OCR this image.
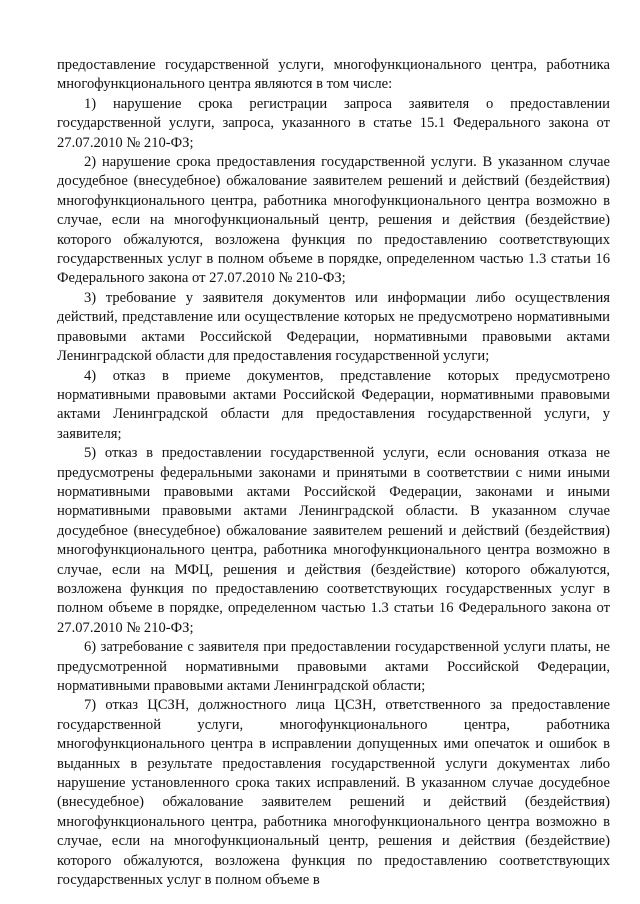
предоставление государственной услуги, многофункционального центра, работника многофункционального центра являются в том числе:

1) нарушение срока регистрации запроса заявителя о предоставлении государственной услуги, запроса, указанного в статье 15.1 Федерального закона от 27.07.2010 № 210-ФЗ;

2) нарушение срока предоставления государственной услуги. В указанном случае досудебное (внесудебное) обжалование заявителем решений и действий (бездействия) многофункционального центра, работника многофункционального центра возможно в случае, если на многофункциональный центр, решения и действия (бездействие) которого обжалуются, возложена функция по предоставлению соответствующих государственных услуг в полном объеме в порядке, определенном частью 1.3 статьи 16 Федерального закона от 27.07.2010 № 210-ФЗ;

3) требование у заявителя документов или информации либо осуществления действий, представление или осуществление которых не предусмотрено нормативными правовыми актами Российской Федерации, нормативными правовыми актами Ленинградской области для предоставления государственной услуги;

4) отказ в приеме документов, представление которых предусмотрено нормативными правовыми актами Российской Федерации, нормативными правовыми актами Ленинградской области для предоставления государственной услуги, у заявителя;

5) отказ в предоставлении государственной услуги, если основания отказа не предусмотрены федеральными законами и принятыми в соответствии с ними иными нормативными правовыми актами Российской Федерации, законами и иными нормативными правовыми актами Ленинградской области. В указанном случае досудебное (внесудебное) обжалование заявителем решений и действий (бездействия) многофункционального центра, работника многофункционального центра возможно в случае, если на МФЦ, решения и действия (бездействие) которого обжалуются, возложена функция по предоставлению соответствующих государственных услуг в полном объеме в порядке, определенном частью 1.3 статьи 16 Федерального закона от 27.07.2010 № 210-ФЗ;

6) затребование с заявителя при предоставлении государственной услуги платы, не предусмотренной нормативными правовыми актами Российской Федерации, нормативными правовыми актами Ленинградской области;

7) отказ ЦСЗН, должностного лица ЦСЗН, ответственного за предоставление государственной услуги, многофункционального центра, работника многофункционального центра в исправлении допущенных ими опечаток и ошибок в выданных в результате предоставления государственной услуги документах либо нарушение установленного срока таких исправлений. В указанном случае досудебное (внесудебное) обжалование заявителем решений и действий (бездействия) многофункционального центра, работника многофункционального центра возможно в случае, если на многофункциональный центр, решения и действия (бездействие) которого обжалуются, возложена функция по предоставлению соответствующих государственных услуг в полном объеме в
